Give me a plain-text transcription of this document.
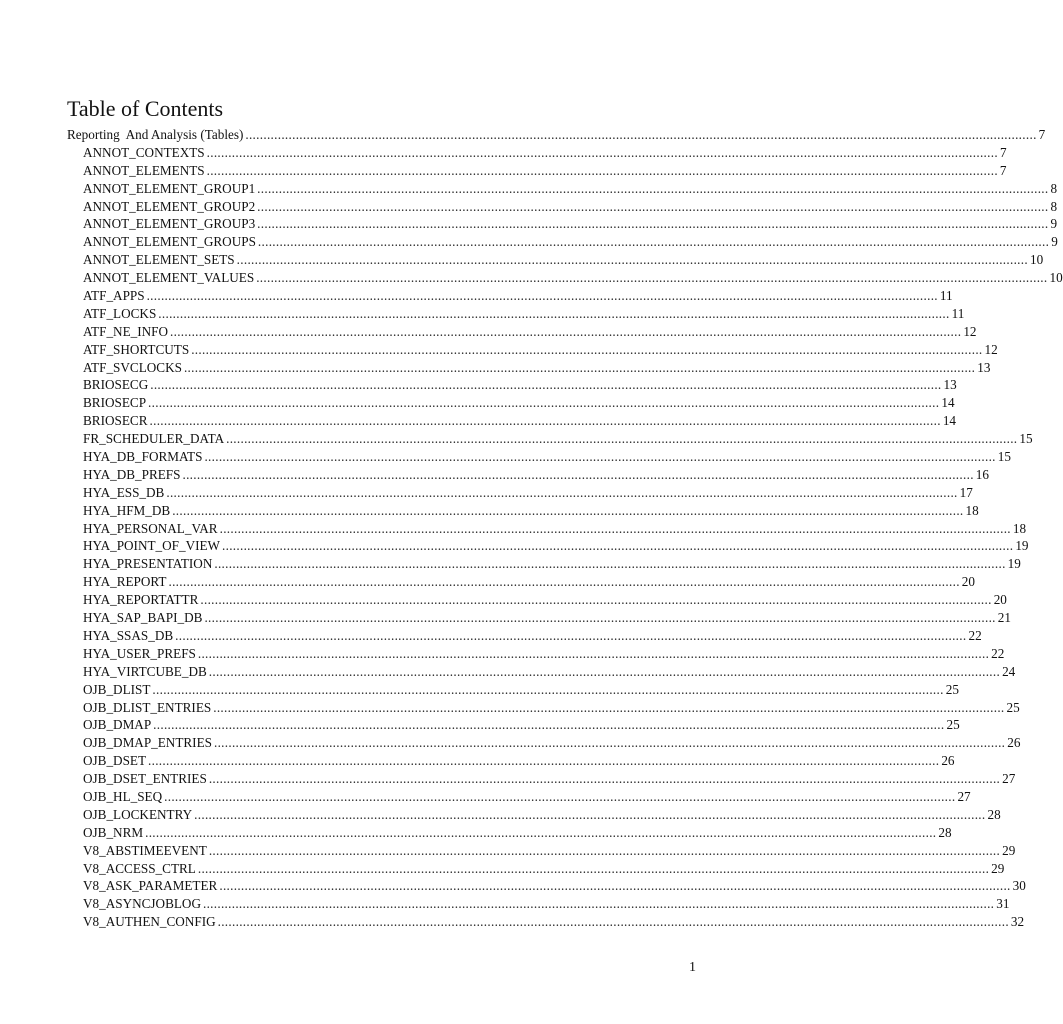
Table of Contents
Reporting  And Analysis (Tables) ............................................................................................................................................................................................................................ 7
ANNOT_CONTEXTS ............................................................................................................................................................................................................................ 7
ANNOT_ELEMENTS ............................................................................................................................................................................................................................ 7
ANNOT_ELEMENT_GROUP1 ............................................................................................................................................................................................................................ 8
ANNOT_ELEMENT_GROUP2 ............................................................................................................................................................................................................................ 8
ANNOT_ELEMENT_GROUP3 ............................................................................................................................................................................................................................ 9
ANNOT_ELEMENT_GROUPS ............................................................................................................................................................................................................................ 9
ANNOT_ELEMENT_SETS ............................................................................................................................................................................................................................ 10
ANNOT_ELEMENT_VALUES ............................................................................................................................................................................................................................ 10
ATF_APPS ............................................................................................................................................................................................................................ 11
ATF_LOCKS ............................................................................................................................................................................................................................ 11
ATF_NE_INFO ............................................................................................................................................................................................................................ 12
ATF_SHORTCUTS ............................................................................................................................................................................................................................ 12
ATF_SVCLOCKS ............................................................................................................................................................................................................................ 13
BRIOSECG ............................................................................................................................................................................................................................ 13
BRIOSECP ............................................................................................................................................................................................................................ 14
BRIOSECR ............................................................................................................................................................................................................................ 14
FR_SCHEDULER_DATA ............................................................................................................................................................................................................................ 15
HYA_DB_FORMATS ............................................................................................................................................................................................................................ 15
HYA_DB_PREFS ............................................................................................................................................................................................................................ 16
HYA_ESS_DB ............................................................................................................................................................................................................................ 17
HYA_HFM_DB ............................................................................................................................................................................................................................ 18
HYA_PERSONAL_VAR ............................................................................................................................................................................................................................ 18
HYA_POINT_OF_VIEW ............................................................................................................................................................................................................................ 19
HYA_PRESENTATION ............................................................................................................................................................................................................................ 19
HYA_REPORT ............................................................................................................................................................................................................................ 20
HYA_REPORTATTR ............................................................................................................................................................................................................................ 20
HYA_SAP_BAPI_DB ............................................................................................................................................................................................................................ 21
HYA_SSAS_DB ............................................................................................................................................................................................................................ 22
HYA_USER_PREFS ............................................................................................................................................................................................................................ 22
HYA_VIRTCUBE_DB ............................................................................................................................................................................................................................ 24
OJB_DLIST ............................................................................................................................................................................................................................ 25
OJB_DLIST_ENTRIES ............................................................................................................................................................................................................................ 25
OJB_DMAP ............................................................................................................................................................................................................................ 25
OJB_DMAP_ENTRIES ............................................................................................................................................................................................................................ 26
OJB_DSET ............................................................................................................................................................................................................................ 26
OJB_DSET_ENTRIES ............................................................................................................................................................................................................................ 27
OJB_HL_SEQ ............................................................................................................................................................................................................................ 27
OJB_LOCKENTRY ............................................................................................................................................................................................................................ 28
OJB_NRM ............................................................................................................................................................................................................................ 28
V8_ABSTIMEEVENT ............................................................................................................................................................................................................................ 29
V8_ACCESS_CTRL ............................................................................................................................................................................................................................ 29
V8_ASK_PARAMETER ............................................................................................................................................................................................................................ 30
V8_ASYNCJOBLOG ............................................................................................................................................................................................................................ 31
V8_AUTHEN_CONFIG ............................................................................................................................................................................................................................ 32
1
